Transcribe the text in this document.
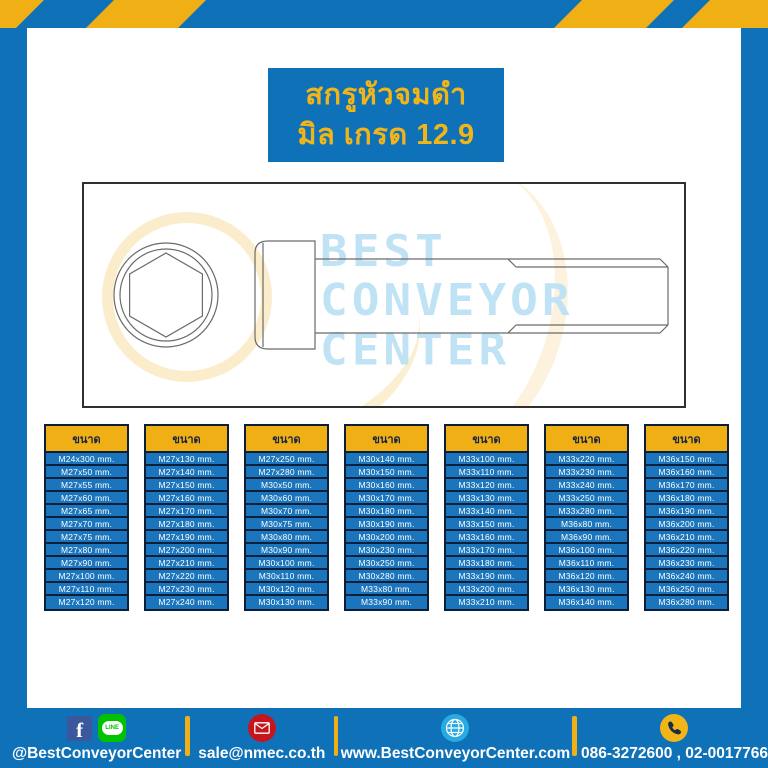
สกรูหัวจมดำ
มิล เกรด 12.9
BEST
CONVEYOR
CENTER
ขนาด
M24x300 mm.
M27x50 mm.
M27x55 mm.
M27x60 mm.
M27x65 mm.
M27x70 mm.
M27x75 mm.
M27x80 mm.
M27x90 mm.
M27x100 mm.
M27x110 mm.
M27x120 mm.
ขนาด
M27x130 mm.
M27x140 mm.
M27x150 mm.
M27x160 mm.
M27x170 mm.
M27x180 mm.
M27x190 mm.
M27x200 mm.
M27x210 mm.
M27x220 mm.
M27x230 mm.
M27x240 mm.
ขนาด
M27x250 mm.
M27x280 mm.
M30x50 mm.
M30x60 mm.
M30x70 mm.
M30x75 mm.
M30x80 mm.
M30x90 mm.
M30x100 mm.
M30x110 mm.
M30x120 mm.
M30x130 mm.
ขนาด
M30x140 mm.
M30x150 mm.
M30x160 mm.
M30x170 mm.
M30x180 mm.
M30x190 mm.
M30x200 mm.
M30x230 mm.
M30x250 mm.
M30x280 mm.
M33x80 mm.
M33x90 mm.
ขนาด
M33x100 mm.
M33x110 mm.
M33x120 mm.
M33x130 mm.
M33x140 mm.
M33x150 mm.
M33x160 mm.
M33x170 mm.
M33x180 mm.
M33x190 mm.
M33x200 mm.
M33x210 mm.
ขนาด
M33x220 mm.
M33x230 mm.
M33x240 mm.
M33x250 mm.
M33x280 mm.
M36x80 mm.
M36x90 mm.
M36x100 mm.
M36x110 mm.
M36x120 mm.
M36x130 mm.
M36x140 mm.
ขนาด
M36x150 mm.
M36x160 mm.
M36x170 mm.
M36x180 mm.
M36x190 mm.
M36x200 mm.
M36x210 mm.
M36x220 mm.
M36x230 mm.
M36x240 mm.
M36x250 mm.
M36x280 mm.
f	LINE
@BestConveyorCenter sale@nmec.co.th www.BestConveyorCenter.com 086-3272600 , 02-0017766
